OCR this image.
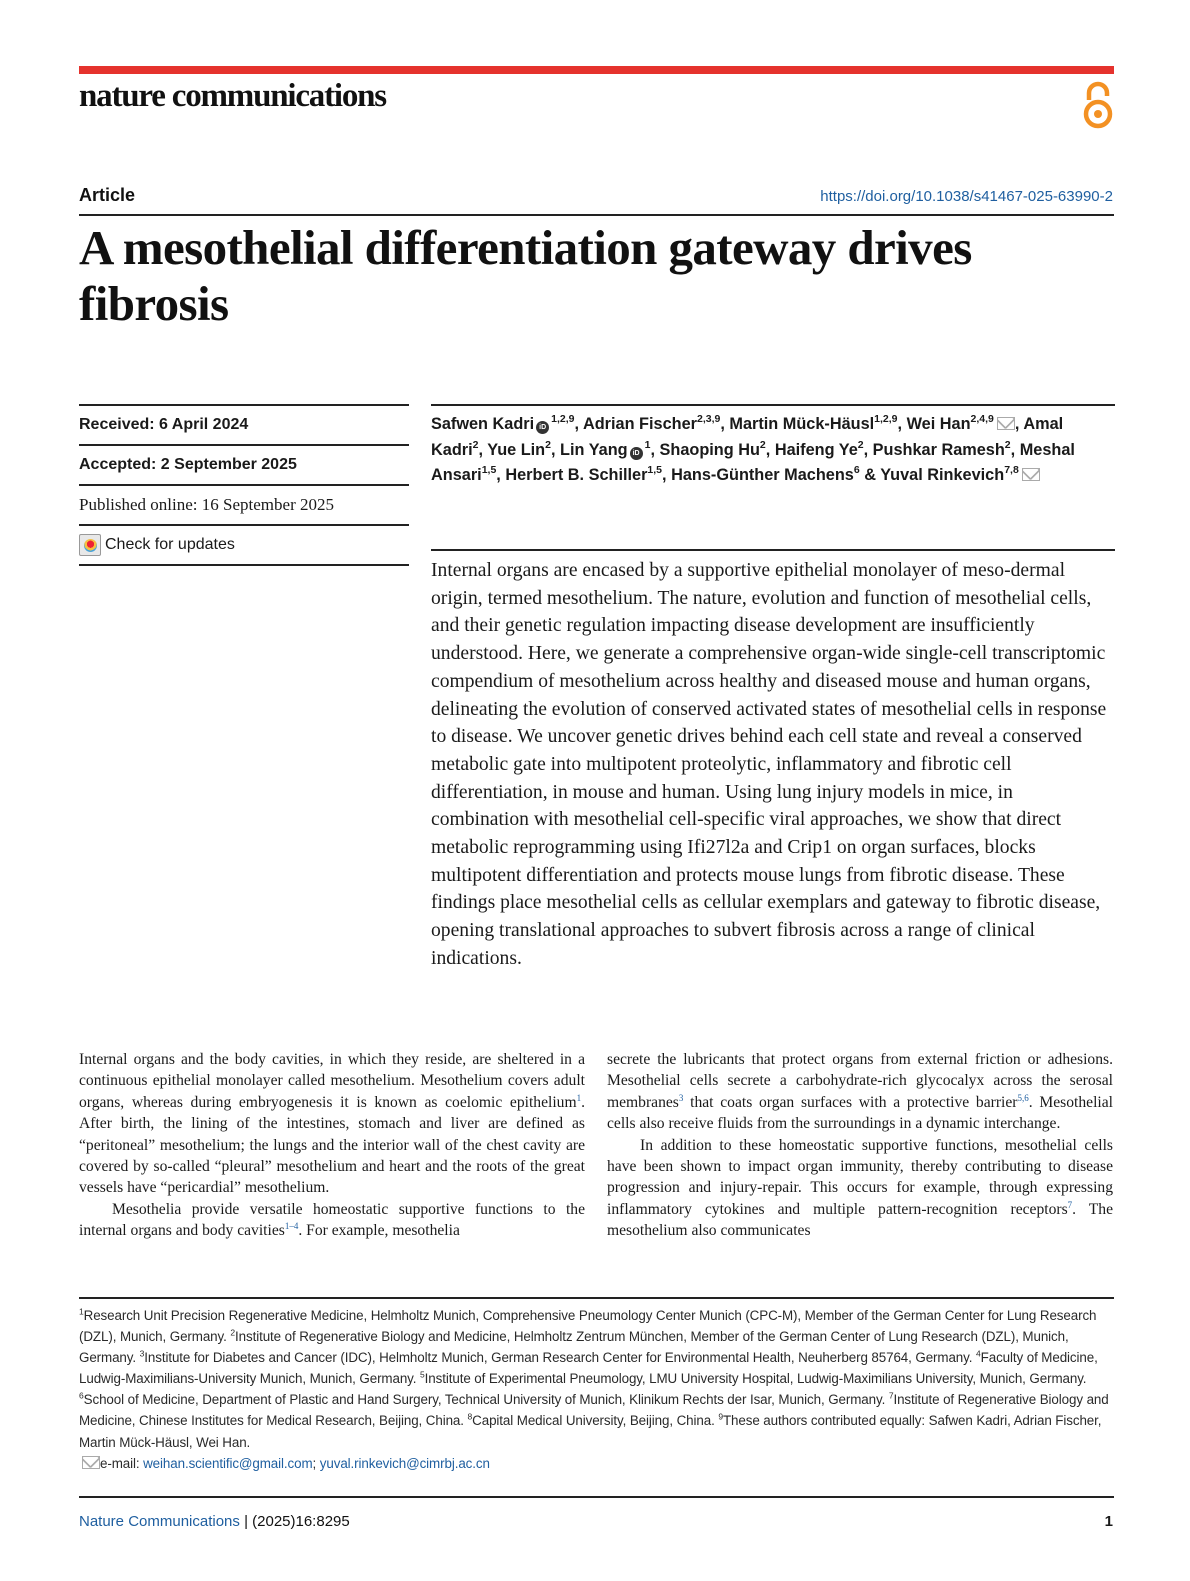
nature communications
Article	https://doi.org/10.1038/s41467-025-63990-2
A mesothelial differentiation gateway drives fibrosis
Received: 6 April 2024
Accepted: 2 September 2025
Published online: 16 September 2025
Check for updates
Safwen Kadri iD$^{1,2,9}$, Adrian Fischer$^{2,3,9}$, Martin Mück-Häusl$^{1,2,9}$, Wei Han$^{2,4,9}$ , Amal Kadri$^2$, Yue Lin$^2$, Lin Yang $iD^1$, Shaoping Hu$^2$, Haifeng Ye$^2$, Pushkar Ramesh$^2$, Meshal Ansari$^{1,5}$, Herbert B. Schiller$^{1,5}$, Hans-Günther Machens$^6$ & Yuval Rinkevich$^{7,8}$
Internal organs are encased by a supportive epithelial monolayer of meso-dermal origin, termed mesothelium. The nature, evolution and function of mesothelial cells, and their genetic regulation impacting disease development are insufficiently understood. Here, we generate a comprehensive organ-wide single-cell transcriptomic compendium of mesothelium across healthy and diseased mouse and human organs, delineating the evolution of conserved activated states of mesothelial cells in response to disease. We uncover genetic drives behind each cell state and reveal a conserved metabolic gate into multipotent proteolytic, inflammatory and fibrotic cell differentiation, in mouse and human. Using lung injury models in mice, in combination with mesothelial cell-specific viral approaches, we show that direct metabolic reprogramming using Ifi27l2a and Crip1 on organ surfaces, blocks multipotent differentiation and protects mouse lungs from fibrotic disease. These findings place mesothelial cells as cellular exemplars and gateway to fibrotic disease, opening translational approaches to subvert fibrosis across a range of clinical indications.

Internal organs and the body cavities, in which they reside, are sheltered in a continuous epithelial monolayer called mesothelium. Mesothelium covers adult organs, whereas during embryogenesis it is known as coelomic epithelium$^1$. After birth, the lining of the intestines, stomach and liver are defined as “peritoneal” mesothelium; the lungs and the interior wall of the chest cavity are covered by so-called “pleural” mesothelium and heart and the roots of the great vessels have “pericardial” mesothelium.

Mesothelia provide versatile homeostatic supportive functions to the internal organs and body cavities$^{1-4}$. For example, mesothelia

secrete the lubricants that protect organs from external friction or adhesions. Mesothelial cells secrete a carbohydrate-rich glycocalyx across the serosal membranes$^3$ that coats organ surfaces with a protective barrier$^{5,6}$. Mesothelial cells also receive fluids from the surroundings in a dynamic interchange.

In addition to these homeostatic supportive functions, mesothelial cells have been shown to impact organ immunity, thereby contributing to disease progression and injury-repair. This occurs for example, through expressing inflammatory cytokines and multiple pattern-recognition receptors$^7$. The mesothelium also communicates

$^1$Research Unit Precision Regenerative Medicine, Helmholtz Munich, Comprehensive Pneumology Center Munich (CPC-M), Member of the German Center for Lung Research (DZL), Munich, Germany. $^2$Institute of Regenerative Biology and Medicine, Helmholtz Zentrum München, Member of the German Center of Lung Research (DZL), Munich, Germany. $^3$Institute for Diabetes and Cancer (IDC), Helmholtz Munich, German Research Center for Environmental Health, Neuherberg 85764, Germany. $^4$Faculty of Medicine, Ludwig-Maximilians-University Munich, Munich, Germany. $^5$Institute of Experimental Pneumology, LMU University Hospital, Ludwig-Maximilians University, Munich, Germany. $^6$School of Medicine, Department of Plastic and Hand Surgery, Technical University of Munich, Klinikum Rechts der Isar, Munich, Germany. $^7$Institute of Regenerative Biology and Medicine, Chinese Institutes for Medical Research, Beijing, China. $^8$Capital Medical University, Beijing, China. $^9$These authors contributed equally: Safwen Kadri, Adrian Fischer, Martin Mück-Häusl, Wei Han.
e-mail: weihan.scientific@gmail.com; yuval.rinkevich@cimrbj.ac.cn
Nature Communications | (2025)16:8295	1
